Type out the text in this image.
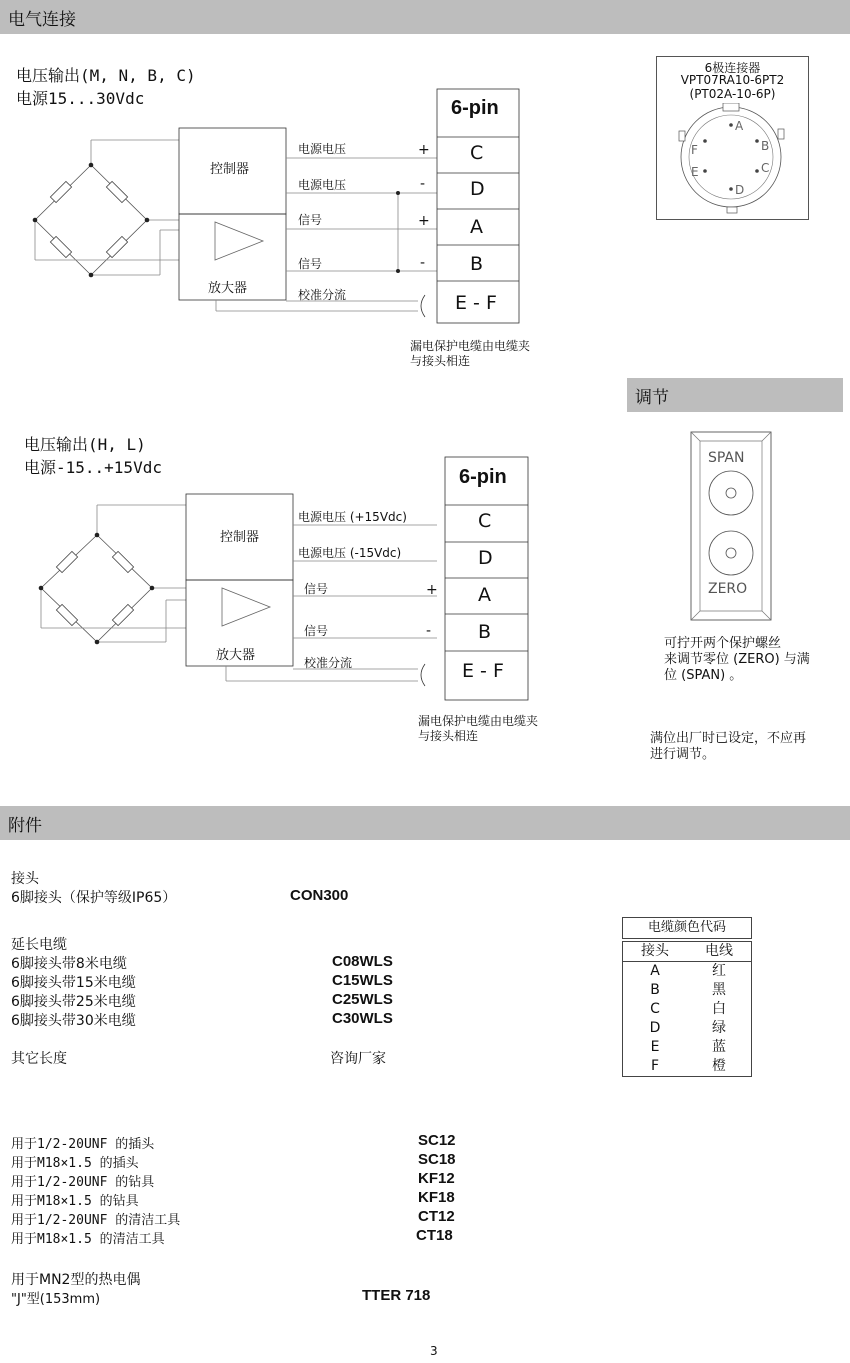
电气连接
调节
附件
电压输出(M, N, B, C)
电源15...30Vdc
控制器
放大器
6-pin
C
D
A
B
E - F
电源电压
电源电压
信号
信号
校准分流
+
-
+
-
漏电保护电缆由电缆夹
与接头相连
6极连接器
VPT07RA10-6PT2
(PT02A-10-6P)
A
B
C
D
E
F
电压输出(H, L)
电源-15..+15Vdc
控制器
放大器
6-pin
C
D
A
B
E - F
电源电压 (+15Vdc)
电源电压 (-15Vdc)
信号
信号
校准分流
+
-
漏电保护电缆由电缆夹
与接头相连
SPAN
ZERO
可拧开两个保护螺丝
来调节零位 (ZERO) 与满
位 (SPAN) 。
满位出厂时已设定，不应再
进行调节。
接头
6脚接头（保护等级IP65）	CON300
延长电缆
6脚接头带8米电缆	C08WLS
6脚接头带15米电缆	C15WLS
6脚接头带25米电缆	C25WLS
6脚接头带30米电缆	C30WLS
其它长度	咨询厂家
用于1/2-20UNF 的插头	SC12
用于M18×1.5 的插头	SC18
用于1/2-20UNF 的钻具	KF12
用于M18×1.5 的钻具	KF18
用于1/2-20UNF 的清洁工具	CT12
用于M18×1.5 的清洁工具	CT18
用于MN2型的热电偶
"J"型(153mm)	TTER 718
电缆颜色代码
接头	电线
A	红
B	黑
C	白
D	绿
E	蓝
F	橙
3
